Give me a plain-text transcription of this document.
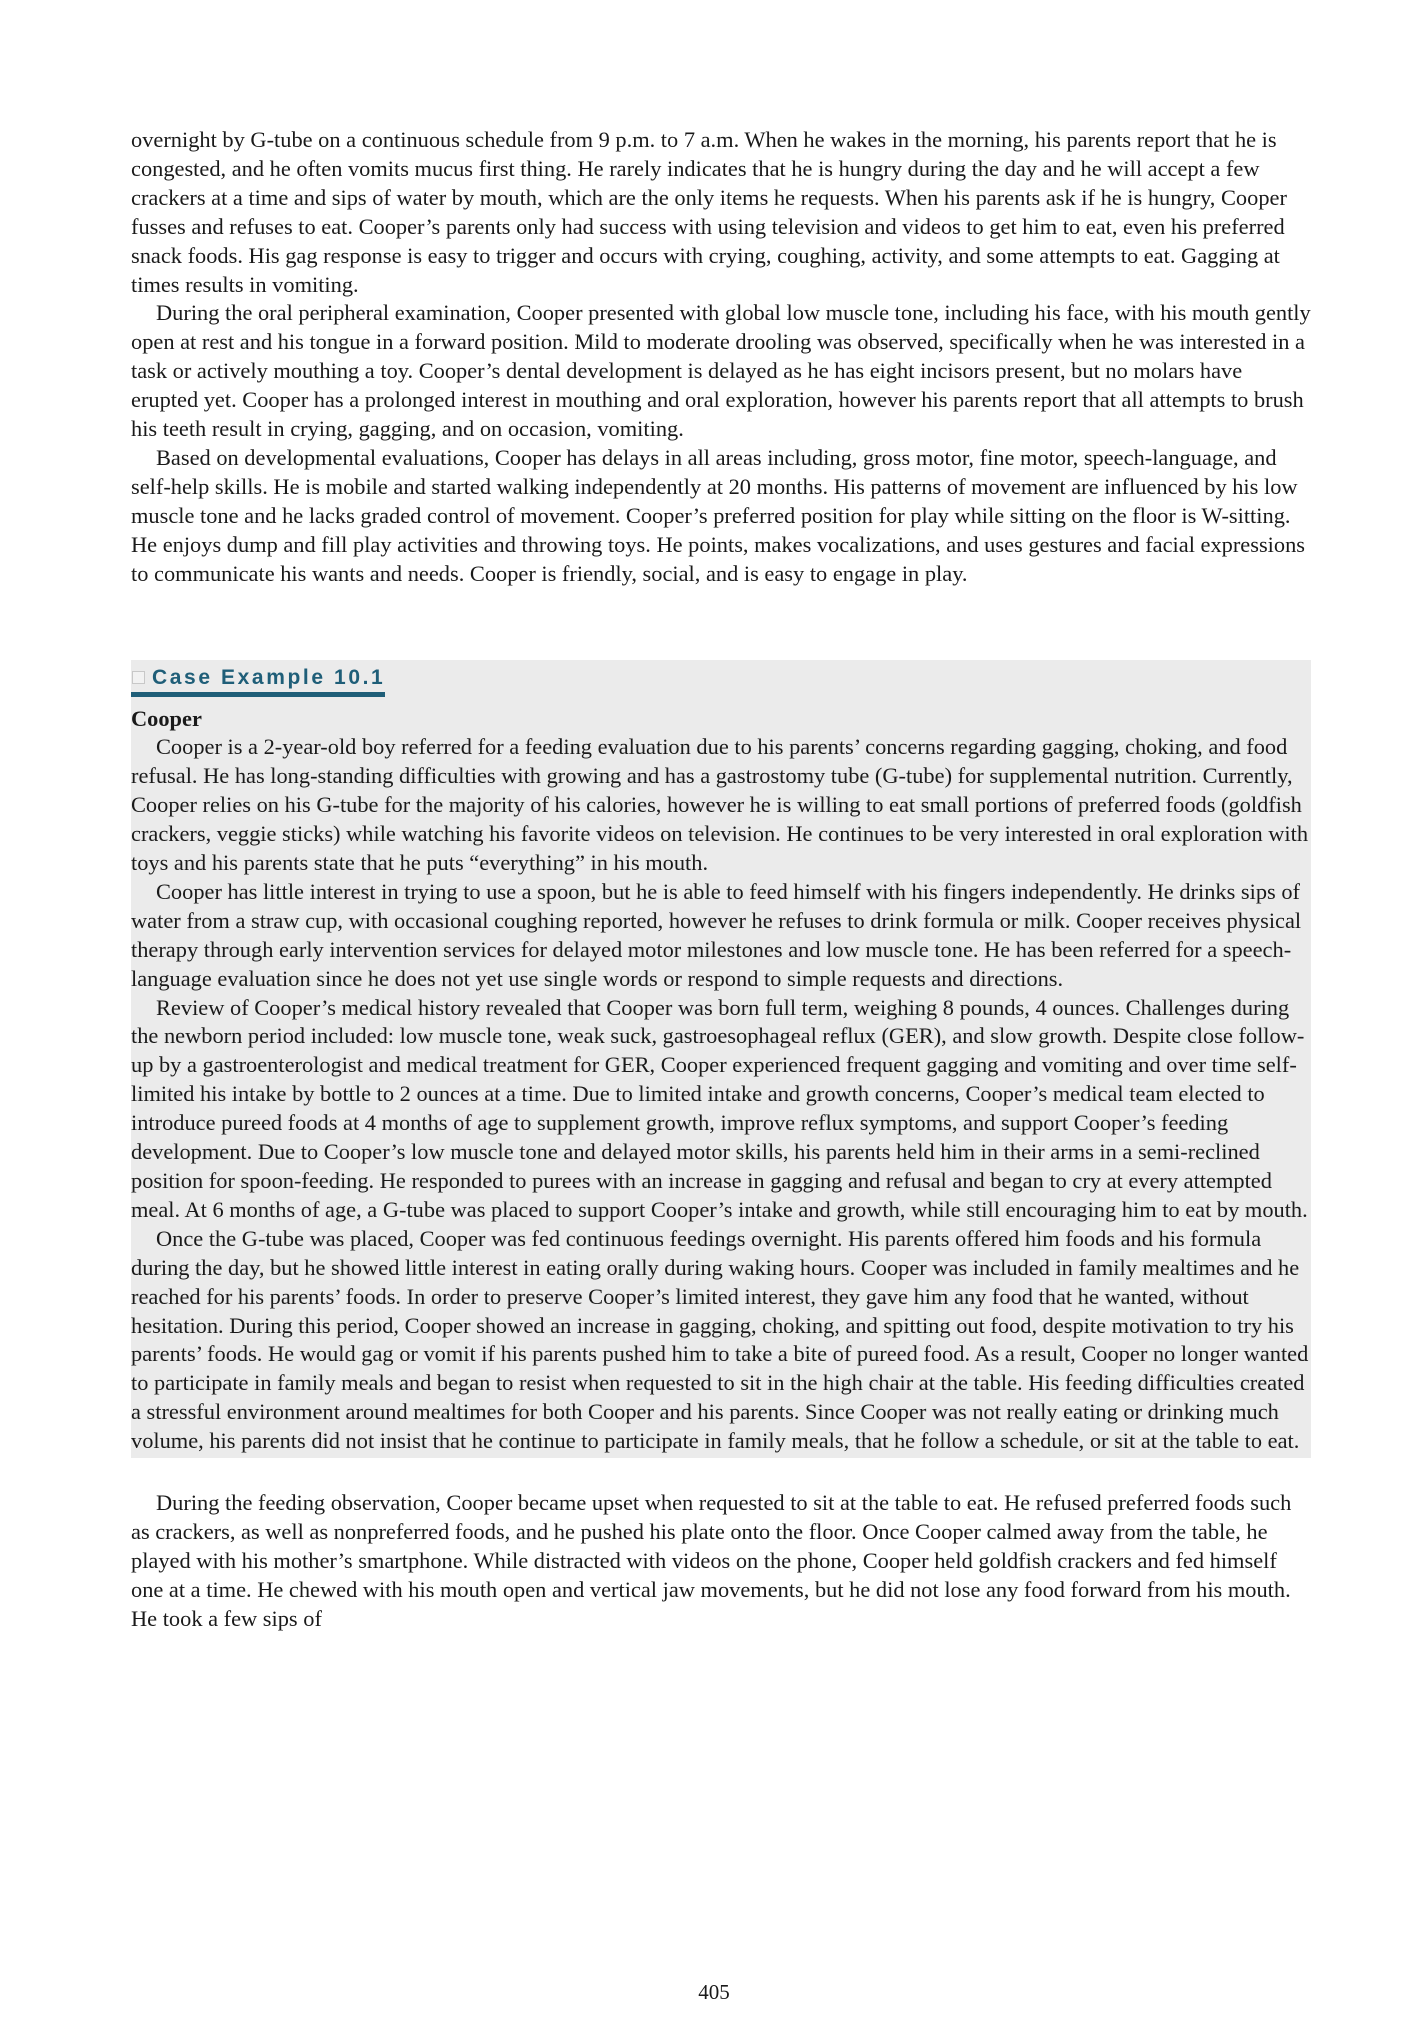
overnight by G-tube on a continuous schedule from 9 p.m. to 7 a.m. When he wakes in the morning, his parents report that he is congested, and he often vomits mucus first thing. He rarely indicates that he is hungry during the day and he will accept a few crackers at a time and sips of water by mouth, which are the only items he requests. When his parents ask if he is hungry, Cooper fusses and refuses to eat. Cooper’s parents only had success with using television and videos to get him to eat, even his preferred snack foods. His gag response is easy to trigger and occurs with crying, coughing, activity, and some attempts to eat. Gagging at times results in vomiting.

During the oral peripheral examination, Cooper presented with global low muscle tone, including his face, with his mouth gently open at rest and his tongue in a forward position. Mild to moderate drooling was observed, specifically when he was interested in a task or actively mouthing a toy. Cooper’s dental development is delayed as he has eight incisors present, but no molars have erupted yet. Cooper has a prolonged interest in mouthing and oral exploration, however his parents report that all attempts to brush his teeth result in crying, gagging, and on occasion, vomiting.

Based on developmental evaluations, Cooper has delays in all areas including, gross motor, fine motor, speech-language, and self-help skills. He is mobile and started walking independently at 20 months. His patterns of movement are influenced by his low muscle tone and he lacks graded control of movement. Cooper’s preferred position for play while sitting on the floor is W-sitting. He enjoys dump and fill play activities and throwing toys. He points, makes vocalizations, and uses gestures and facial expressions to communicate his wants and needs. Cooper is friendly, social, and is easy to engage in play.

Case Example 10.1

Cooper

Cooper is a 2-year-old boy referred for a feeding evaluation due to his parents’ concerns regarding gagging, choking, and food refusal. He has long-standing difficulties with growing and has a gastrostomy tube (G-tube) for supplemental nutrition. Currently, Cooper relies on his G-tube for the majority of his calories, however he is willing to eat small portions of preferred foods (goldfish crackers, veggie sticks) while watching his favorite videos on television. He continues to be very interested in oral exploration with toys and his parents state that he puts “everything” in his mouth.

Cooper has little interest in trying to use a spoon, but he is able to feed himself with his fingers independently. He drinks sips of water from a straw cup, with occasional coughing reported, however he refuses to drink formula or milk. Cooper receives physical therapy through early intervention services for delayed motor milestones and low muscle tone. He has been referred for a speech-language evaluation since he does not yet use single words or respond to simple requests and directions.

Review of Cooper’s medical history revealed that Cooper was born full term, weighing 8 pounds, 4 ounces. Challenges during the newborn period included: low muscle tone, weak suck, gastroesophageal reflux (GER), and slow growth. Despite close follow-up by a gastroenterologist and medical treatment for GER, Cooper experienced frequent gagging and vomiting and over time self-limited his intake by bottle to 2 ounces at a time. Due to limited intake and growth concerns, Cooper’s medical team elected to introduce pureed foods at 4 months of age to supplement growth, improve reflux symptoms, and support Cooper’s feeding development. Due to Cooper’s low muscle tone and delayed motor skills, his parents held him in their arms in a semi-reclined position for spoon-feeding. He responded to purees with an increase in gagging and refusal and began to cry at every attempted meal. At 6 months of age, a G-tube was placed to support Cooper’s intake and growth, while still encouraging him to eat by mouth.

Once the G-tube was placed, Cooper was fed continuous feedings overnight. His parents offered him foods and his formula during the day, but he showed little interest in eating orally during waking hours. Cooper was included in family mealtimes and he reached for his parents’ foods. In order to preserve Cooper’s limited interest, they gave him any food that he wanted, without hesitation. During this period, Cooper showed an increase in gagging, choking, and spitting out food, despite motivation to try his parents’ foods. He would gag or vomit if his parents pushed him to take a bite of pureed food. As a result, Cooper no longer wanted to participate in family meals and began to resist when requested to sit in the high chair at the table. His feeding difficulties created a stressful environment around mealtimes for both Cooper and his parents. Since Cooper was not really eating or drinking much volume, his parents did not insist that he continue to participate in family meals, that he follow a schedule, or sit at the table to eat.

During the feeding observation, Cooper became upset when requested to sit at the table to eat. He refused preferred foods such as crackers, as well as nonpreferred foods, and he pushed his plate onto the floor. Once Cooper calmed away from the table, he played with his mother’s smartphone. While distracted with videos on the phone, Cooper held goldfish crackers and fed himself one at a time. He chewed with his mouth open and vertical jaw movements, but he did not lose any food forward from his mouth. He took a few sips of

405
